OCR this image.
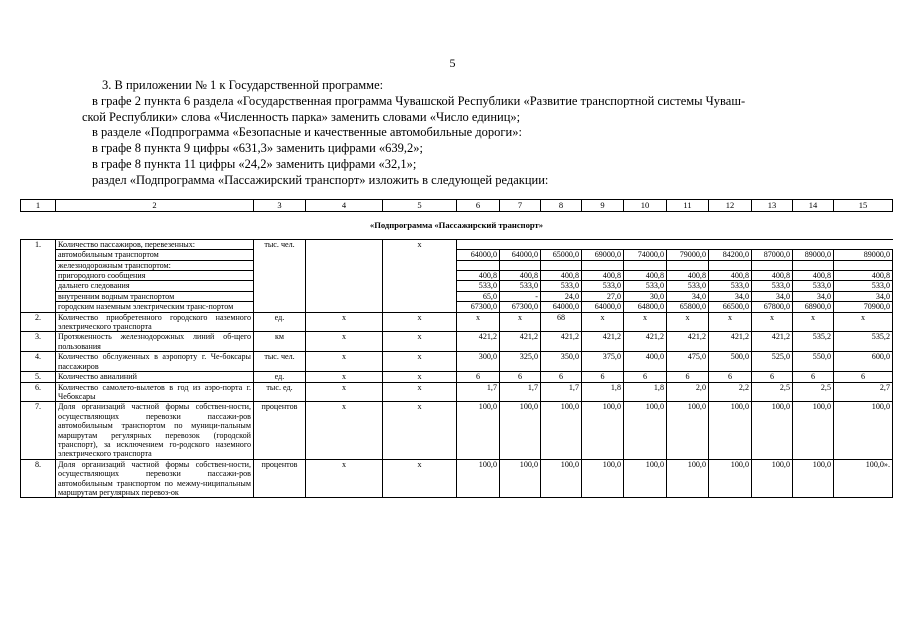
5

3. В приложении № 1 к Государственной программе:

в графе 2 пункта 6 раздела «Государственная программа Чувашской Республики «Развитие транспортной системы Чуваш-

ской Республики» слова «Численность парка» заменить словами «Число единиц»;

в разделе «Подпрограмма «Безопасные и качественные автомобильные дороги»:

в графе 8 пункта 9 цифры «631,3» заменить цифрами «639,2»;

в графе 8 пункта 11 цифры «24,2» заменить цифрами «32,1»;

раздел «Подпрограмма «Пассажирский транспорт» изложить в следующей редакции:

1	2	3	4	5	6	7	8	9	10	11	12	13	14	15
«Подпрограмма «Пассажирский транспорт»														
1.	Количество пассажиров, перевезенных:	тыс. чел.		x										
	автомобильным транспортом				64000,0	64000,0	65000,0	69000,0	74000,0	79000,0	84200,0	87000,0	89000,0	89000,0
	железнодорожным транспортом:													
	пригородного сообщения				400,8	400,8	400,8	400,8	400,8	400,8	400,8	400,8	400,8	400,8
	дальнего следования				533,0	533,0	533,0	533,0	533,0	533,0	533,0	533,0	533,0	533,0
	внутренним водным транспортом				65,0	-	24,0	27,0	30,0	34,0	34,0	34,0	34,0	34,0
	городским наземным электрическим транс-портом				67300,0	67300,0	64000,0	64000,0	64800,0	65800,0	66500,0	67800,0	68900,0	70900,0
2.	Количество приобретенного городского наземного электрического транспорта	ед.	x	x	x	x	68	x	x	x	x	x	x	x
3.	Протяженность железнодорожных линий об-щего пользования	км	x	x	421,2	421,2	421,2	421,2	421,2	421,2	421,2	421,2	535,2	535,2
4.	Количество обслуженных в аэропорту г. Че-боксары пассажиров	тыс. чел.	x	x	300,0	325,0	350,0	375,0	400,0	475,0	500,0	525,0	550,0	600,0
5.	Количество авиалиний	ед.	x	x	6	6	6	6	6	6	6	6	6	6
6.	Количество самолето-вылетов в год из аэро-порта г. Чебоксары	тыс. ед.	x	x	1,7	1,7	1,7	1,8	1,8	2,0	2,2	2,5	2,5	2,7
7.	Доля организаций частной формы собствен-ности, осуществляющих перевозки пассажи-ров автомобильным транспортом по муници-пальным маршрутам регулярных перевозок (городской транспорт), за исключением го-родского наземного электрического транспорта	процентов	x	x	100,0	100,0	100,0	100,0	100,0	100,0	100,0	100,0	100,0	100,0
8.	Доля организаций частной формы собствен-ности, осуществляющих перевозки пассажи-ров автомобильным транспортом по межму-ниципальным маршрутам регулярных перевоз-ок	процентов	x	x	100,0	100,0	100,0	100,0	100,0	100,0	100,0	100,0	100,0	100,0».
